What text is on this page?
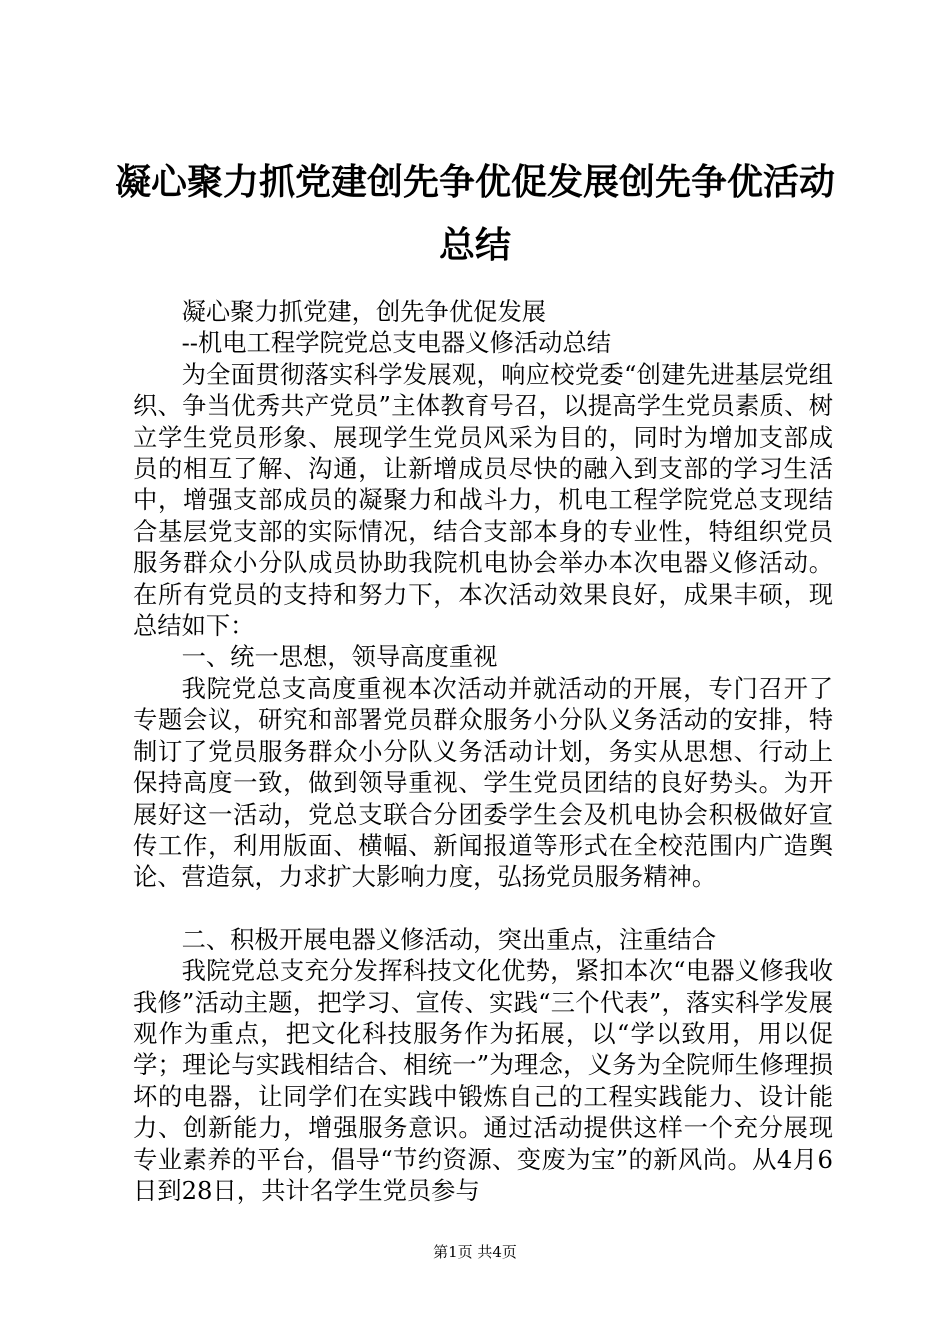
凝心聚力抓党建创先争优促发展创先争优活动
总结

凝心聚力抓党建，创先争优促发展

--机电工程学院党总支电器义修活动总结

为全面贯彻落实科学发展观，响应校党委“创建先进基层党组织、争当优秀共产党员”主体教育号召，以提高学生党员素质、树立学生党员形象、展现学生党员风采为目的，同时为增加支部成员的相互了解、沟通，让新增成员尽快的融入到支部的学习生活中，增强支部成员的凝聚力和战斗力，机电工程学院党总支现结合基层党支部的实际情况，结合支部本身的专业性，特组织党员服务群众小分队成员协助我院机电协会举办本次电器义修活动。在所有党员的支持和努力下，本次活动效果良好，成果丰硕，现总结如下：

一、统一思想，领导高度重视

我院党总支高度重视本次活动并就活动的开展，专门召开了专题会议，研究和部署党员群众服务小分队义务活动的安排，特制订了党员服务群众小分队义务活动计划，务实从思想、行动上保持高度一致，做到领导重视、学生党员团结的良好势头。为开展好这一活动，党总支联合分团委学生会及机电协会积极做好宣传工作，利用版面、横幅、新闻报道等形式在全校范围内广造舆论、营造氛，力求扩大影响力度，弘扬党员服务精神。

二、积极开展电器义修活动，突出重点，注重结合

我院党总支充分发挥科技文化优势，紧扣本次“电器义修我收我修”活动主题，把学习、宣传、实践“三个代表”，落实科学发展观作为重点，把文化科技服务作为拓展，以“学以致用，用以促学；理论与实践相结合、相统一”为理念，义务为全院师生修理损坏的电器，让同学们在实践中锻炼自己的工程实践能力、设计能力、创新能力，增强服务意识。通过活动提供这样一个充分展现专业素养的平台，倡导“节约资源、变废为宝”的新风尚。从4月6日到28日，共计名学生党员参与

第1页 共4页
